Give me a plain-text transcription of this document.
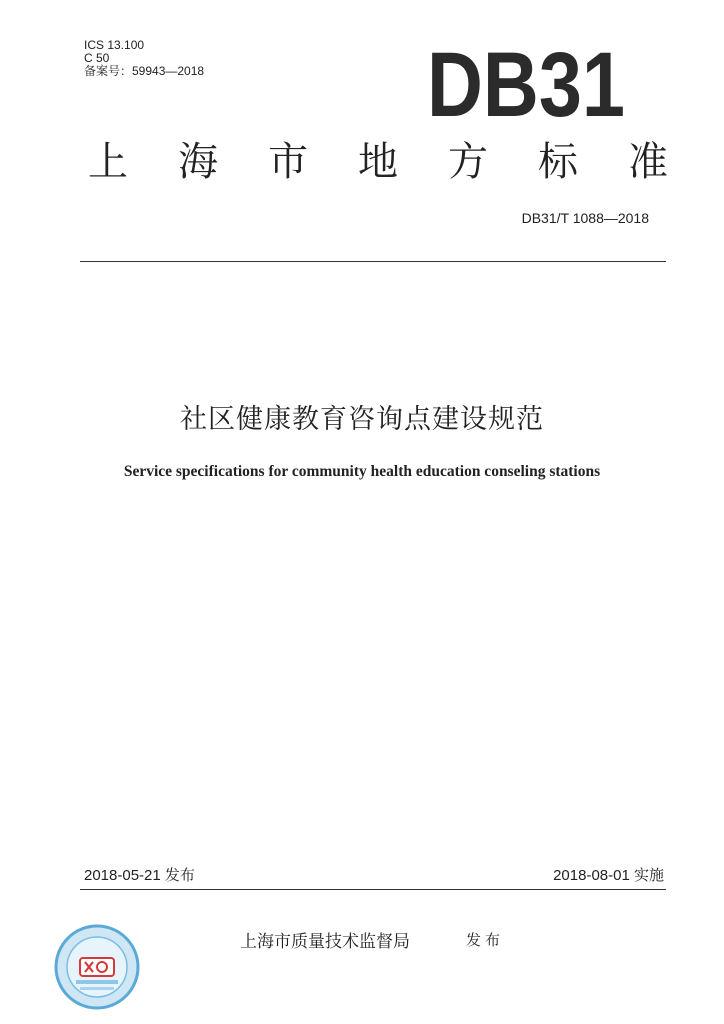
ICS 13.100
C 50
备案号：59943—2018 DB31
上 海 市 地 方 标 准
DB31/T 1088—2018
社区健康教育咨询点建设规范
Service specifications for community health education conseling stations
2018-05-21 发布	2018-08-01 实施
上海市质量技术监督局	发布
